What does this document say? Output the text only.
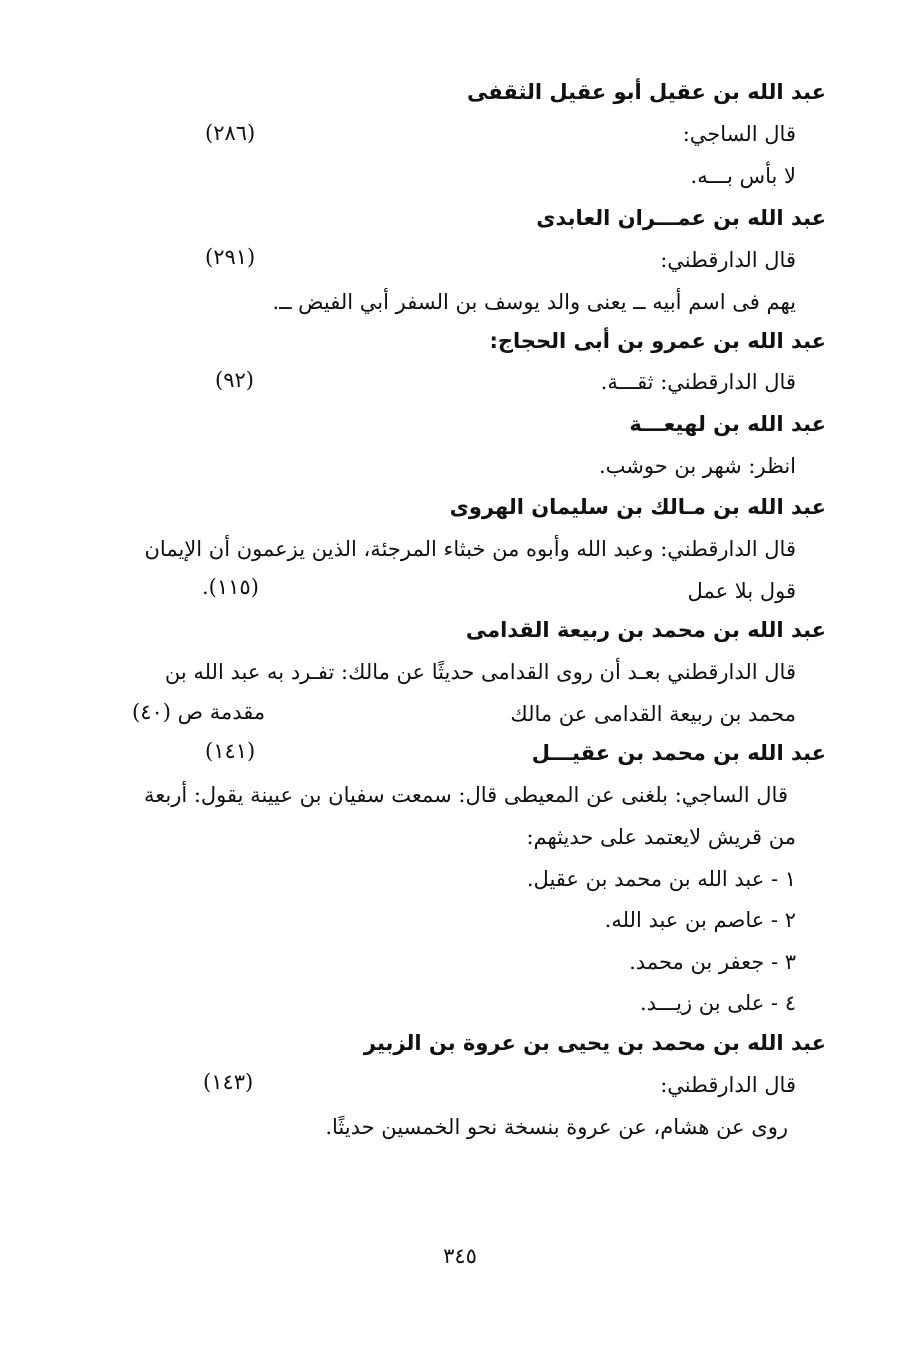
عبد الله بن عقيل أبو عقيل الثقفى
قال الساجي:
(٢٨٦)
لا بأس بـــه.
عبد الله بن عمـــران العابدى
قال الدارقطني:
(٢٩١)
يهم فى اسم أبيه ــ يعنى والد يوسف بن السفر أبي الفيض ــ.
عبد الله بن عمرو بن أبى الحجاج:
قال الدارقطني: ثقـــة.
(٩٢)
عبد الله بن لهيعـــة
انظر: شهر بن حوشب.
عبد الله بن مـالك بن سليمان الهروى
قال الدارقطني: وعبد الله وأبوه من خبثاء المرجئة، الذين يزعمون أن الإيمان
قول بلا عمل
(١١٥).
عبد الله بن محمد بن ربيعة القدامى
قال الدارقطني بعـد أن روى القدامى حديثًا عن مالك: تفـرد به عبد الله بن
محمد بن ربيعة القدامى عن مالك
مقدمة ص (٤٠)
عبد الله بن محمد بن عقيـــل
(١٤١)
قال الساجي: بلغنى عن المعيطى قال: سمعت سفيان بن عيينة يقول: أربعة
من قريش لايعتمد على حديثهم:
١ - عبد الله بن محمد بن عقيل.
٢ - عاصم بن عبد الله.
٣ - جعفر بن محمد.
٤ - على بن زيـــد.
عبد الله بن محمد بن يحيى بن عروة بن الزبير
قال الدارقطني:
(١٤٣)
روى عن هشام، عن عروة بنسخة نحو الخمسين حديثًا.
٣٤٥
